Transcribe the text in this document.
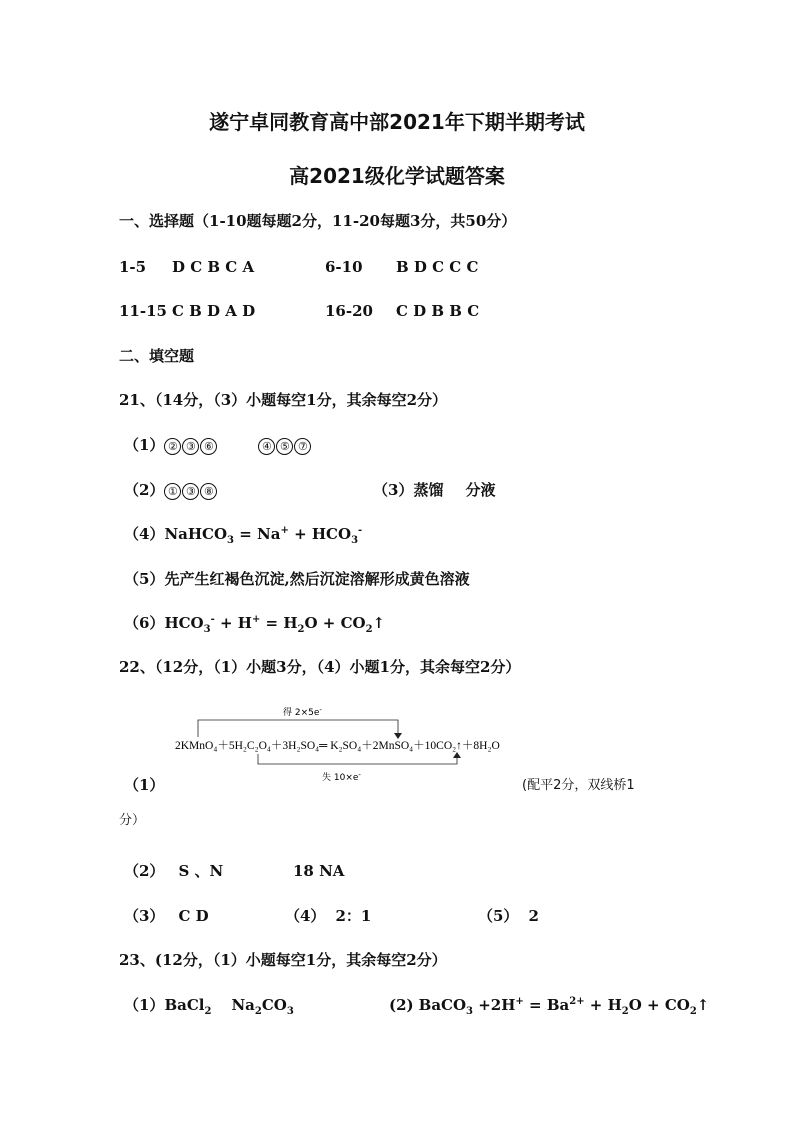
遂宁卓同教育高中部2021年下期半期考试
高2021级化学试题答案
一、选择题（1-10题每题2分，11-20每题3分，共50分）
1-5 D C B C A	6-10 B D C C C
11-15 C B D A D	16-20 C D B B C
二、填空题
21、（14分，（3）小题每空1分，其余每空2分）
（1） ② ③ ⑥	④ ⑤ ⑦
（2） ① ③ ⑧	（3）蒸馏 分液
（4）NaHCO$_3$ = $Na^+ + HCO_3^-$
（5）先产生红褐色沉淀,然后沉淀溶解形成黄色溶液
$(6)HCO_3^- + H^+ = H_2O$ + $CO_2↑$
22、（12分，（1）小题3分，（4）小题1分，其余每空2分）
得 2×5e-
2KMnO₄＋5H₂C₂O₄＋3H₂SO₄═ K₂SO₄＋2MnSO₄＋10CO₂↑＋8H₂O
失 10×e-
（1）	(配平2分，双线桥1
分）
（2） S 、N	18 NA
（3） C D	（4） 2：1	（5） 2
23、(12分，（1）小题每空1分，其余每空2分）
（1）BaCl$_2$ $Na_2CO_3$	(2) BaCO$_3$ $+2H^+ = Ba^{2+} + H_2O$ + $CO_2↑$
